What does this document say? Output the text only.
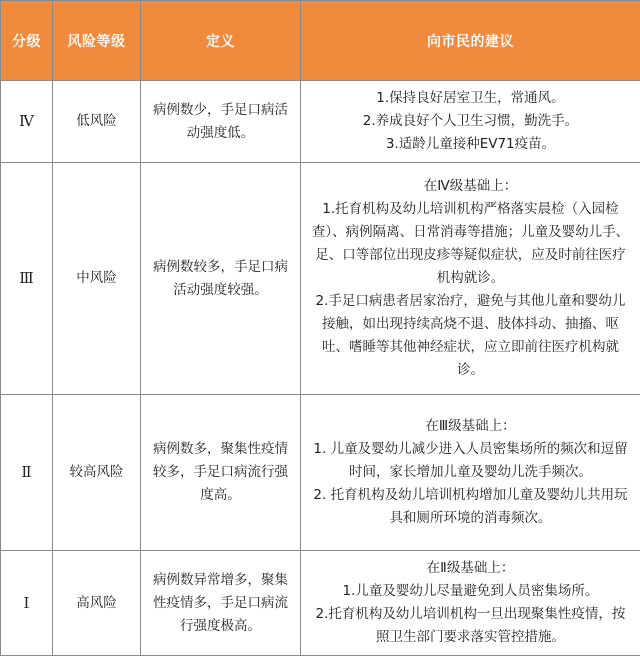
分级	风险等级	定义	向市民的建议
Ⅳ	低风险	病例数少，手足口病活动强度低。	1.保持良好居室卫生，常通风。
2.养成良好个人卫生习惯，勤洗手。
3.适龄儿童接种EV71疫苗。

Ⅲ	中风险	病例数较多，手足口病活动强度较强。	在Ⅳ级基础上：
1.托育机构及幼儿培训机构严格落实晨检（入园检查）、病例隔离、日常消毒等措施；儿童及婴幼儿手、足、口等部位出现皮疹等疑似症状，应及时前往医疗机构就诊。
2.手足口病患者居家治疗，避免与其他儿童和婴幼儿接触，如出现持续高烧不退、肢体抖动、抽搐、呕吐、嗜睡等其他神经症状，应立即前往医疗机构就诊。

Ⅱ	较高风险	病例数多，聚集性疫情较多，手足口病流行强度高。	在Ⅲ级基础上：
1. 儿童及婴幼儿减少进入人员密集场所的频次和逗留时间，家长增加儿童及婴幼儿洗手频次。
2. 托育机构及幼儿培训机构增加儿童及婴幼儿共用玩具和厕所环境的消毒频次。

Ⅰ	高风险	病例数异常增多，聚集性疫情多，手足口病流行强度极高。	在Ⅱ级基础上：
1.儿童及婴幼儿尽量避免到人员密集场所。
2.托育机构及幼儿培训机构一旦出现聚集性疫情，按照卫生部门要求落实管控措施。
